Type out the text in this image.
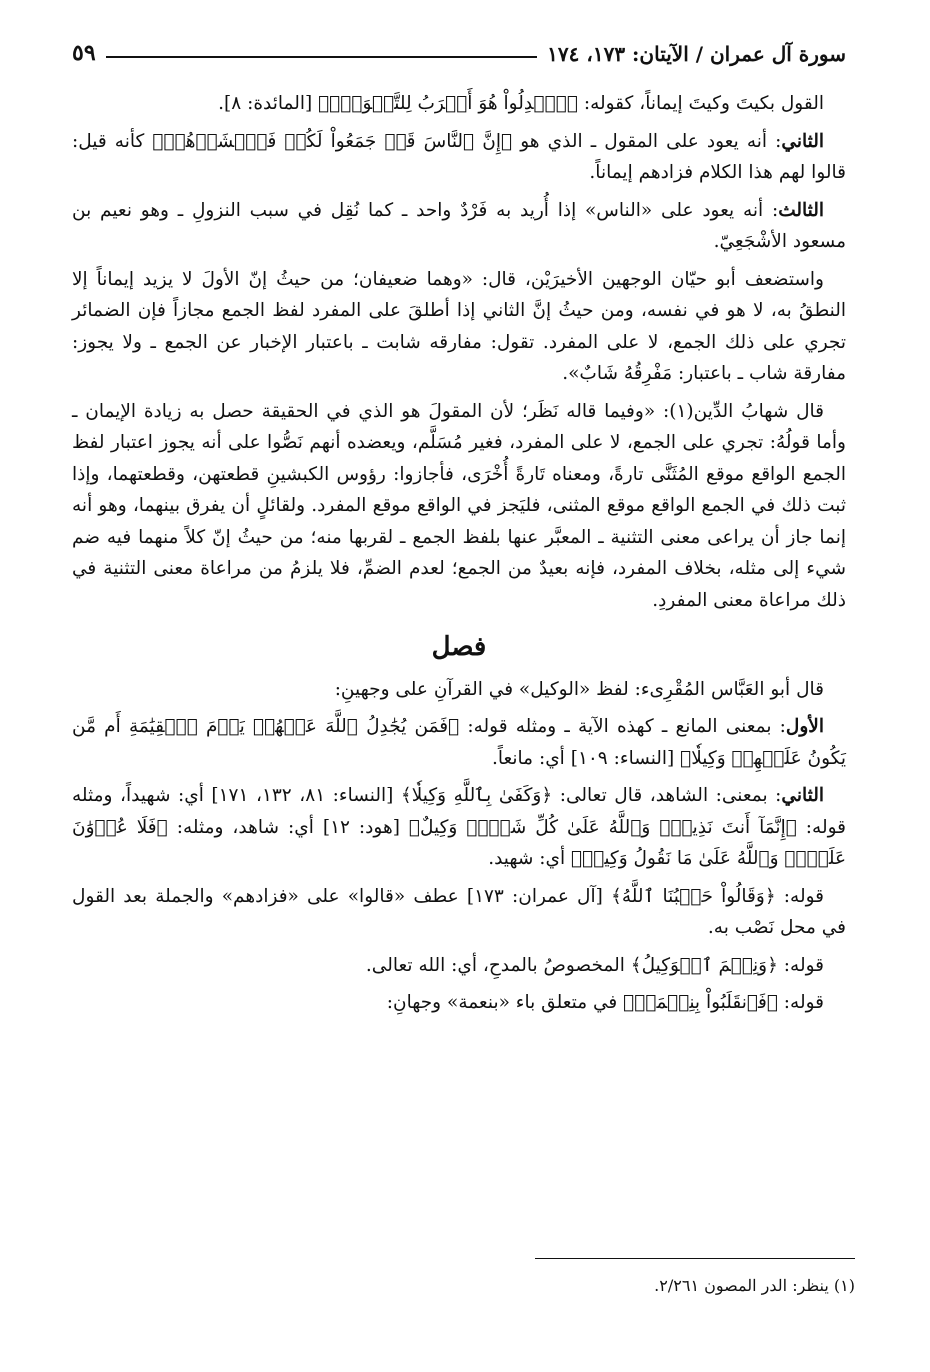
سورة آل عمران / الآيتان: ١٧٣، ١٧٤
٥٩

القول بكيتَ وكيتَ إيماناً، كقوله: ﴿ٱعۡدِلُواْ هُوَ أَقۡرَبُ لِلتَّقۡوَىٰۖ﴾ [المائدة: ٨].

الثاني: أنه يعود على المقول ـ الذي هو ﴿إِنَّ ٱلنَّاسَ قَدۡ جَمَعُواْ لَكُمۡ فَٱخۡشَوۡهُمۡ﴾ كأنه قيل: قالوا لهم هذا الكلام فزادهم إيماناً.

الثالث: أنه يعود على «الناس» إذا أُريد به فَرْدٌ واحد ـ كما نُقِل في سبب النزولِ ـ وهو نعيم بن مسعود الأشْجَعِيّ.

واستضعف أبو حيّان الوجهين الأخيرَيْن، قال: «وهما ضعيفان؛ من حيثُ إنّ الأولَ لا يزيد إيماناً إلا النطقُ به، لا هو في نفسه، ومن حيثُ إنَّ الثاني إذا أطلقَ على المفرد لفظ الجمع مجازاً فإن الضمائر تجري على ذلك الجمع، لا على المفرد. تقول: مفارقه شابت ـ باعتبار الإخبار عن الجمع ـ ولا يجوز: مفارقة شاب ـ باعتبار: مَفْرِقُهُ شَابٌ».

قال شهابُ الدِّين(١): «وفيما قاله نَظَر؛ لأن المقولَ هو الذي في الحقيقة حصل به زيادة الإيمان ـ وأما قولُهُ: تجري على الجمع، لا على المفرد، فغير مُسَلَّم، ويعضده أنهم نَصُّوا على أنه يجوز اعتبار لفظ الجمع الواقع موقع المُثَنَّى تارةً، ومعناه تَارةً أُخْرَى، فأجازوا: رؤوس الكبشينِ قطعتهن، وقطعتهما، وإذا ثبت ذلك في الجمع الواقع موقع المثنى، فليَجز في الواقع موقع المفرد. ولقائلٍ أن يفرق بينهما، وهو أنه إنما جاز أن يراعى معنى التثنية ـ المعبَّر عنها بلفظ الجمع ـ لقربها منه؛ من حيثُ إنّ كلاً منهما فيه ضم شيء إلى مثله، بخلاف المفرد، فإنه بعيدٌ من الجمع؛ لعدم الضمِّ، فلا يلزمُ من مراعاة معنى التثنية في ذلك مراعاة معنى المفردِ.

فصل

قال أبو العَبَّاس المُقْرِىء: لفظ «الوكيل» في القرآنِ على وجهينِ:

الأول: بمعنى المانع ـ كهذه الآية ـ ومثله قوله: ﴿فَمَن يُجَٰدِلُ ٱللَّهَ عَنۡهُمۡ يَوۡمَ ٱلۡقِيَٰمَةِ أَم مَّن يَكُونُ عَلَيۡهِمۡ وَكِيلٗا﴾ [النساء: ١٠٩] أي: مانعاً.

الثاني: بمعنى: الشاهد، قال تعالى: ﴿وَكَفَىٰ بِٱللَّهِ وَكِيلٗا﴾ [النساء: ٨١، ١٣٢، ١٧١] أي: شهيداً، ومثله قوله: ﴿إِنَّمَآ أَنتَ نَذِيرٞۚ وَٱللَّهُ عَلَىٰ كُلِّ شَيۡءٖ وَكِيلٌ﴾ [هود: ١٢] أي: شاهد، ومثله: ﴿فَلَا عُدۡوَٰنَ عَلَيَّۖ وَٱللَّهُ عَلَىٰ مَا نَقُولُ وَكِيلٞ﴾ أي: شهيد.

قوله: ﴿وَقَالُواْ حَسۡبُنَا ٱللَّهُ﴾ [آل عمران: ١٧٣] عطف «قالوا» على «فزادهم» والجملة بعد القول في محل نَصْب به.

قوله: ﴿وَنِعۡمَ ٱلۡوَكِيلُ﴾ المخصوصُ بالمدحِ، أي: الله تعالى.

قوله: ﴿فَٱنقَلَبُواْ بِنِعۡمَةٖ﴾ في متعلق باء «بنعمة» وجهانِ:

(١) ينظر: الدر المصون ٢/٢٦١.
